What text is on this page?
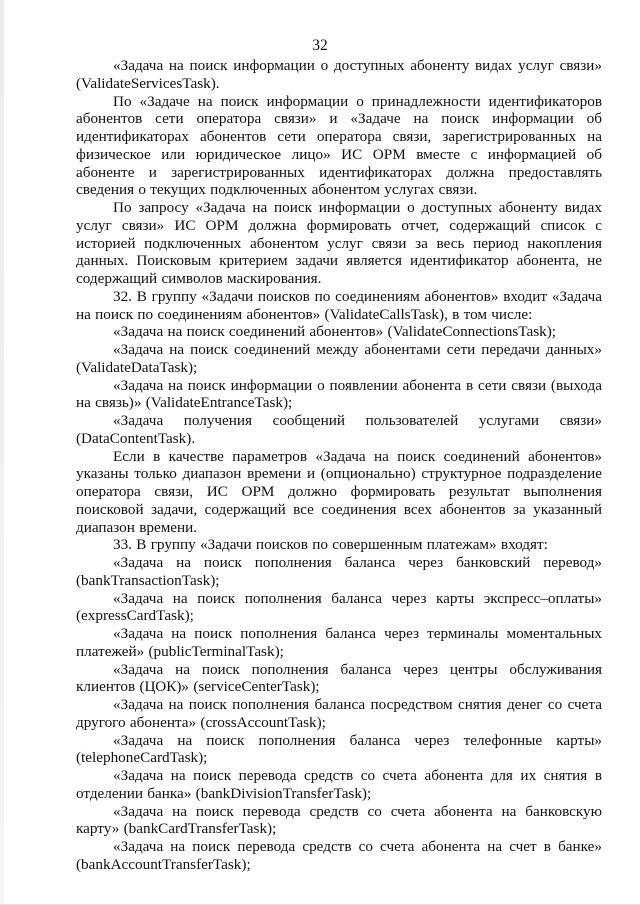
32

«Задача на поиск информации о доступных абоненту видах услуг связи» (ValidateServicesTask).

По «Задаче на поиск информации о принадлежности идентификаторов абонентов сети оператора связи» и «Задаче на поиск информации об идентификаторах абонентов сети оператора связи, зарегистрированных на физическое или юридическое лицо» ИС ОРМ вместе с информацией об абоненте и зарегистрированных идентификаторах должна предоставлять сведения о текущих подключенных абонентом услугах связи.

По запросу «Задача на поиск информации о доступных абоненту видах услуг связи» ИС ОРМ должна формировать отчет, содержащий список с историей подключенных абонентом услуг связи за весь период накопления данных. Поисковым критерием задачи является идентификатор абонента, не содержащий символов маскирования.

32. В группу «Задачи поисков по соединениям абонентов» входит «Задача на поиск по соединениям абонентов» (ValidateCallsTask), в том числе:

«Задача на поиск соединений абонентов» (ValidateConnectionsTask);

«Задача на поиск соединений между абонентами сети передачи данных» (ValidateDataTask);

«Задача на поиск информации о появлении абонента в сети связи (выхода на связь)» (ValidateEntranceTask);

«Задача получения сообщений пользователей услугами связи» (DataContentTask).

Если в качестве параметров «Задача на поиск соединений абонентов» указаны только диапазон времени и (опционально) структурное подразделение оператора связи, ИС ОРМ должно формировать результат выполнения поисковой задачи, содержащий все соединения всех абонентов за указанный диапазон времени.

33. В группу «Задачи поисков по совершенным платежам» входят:

«Задача на поиск пополнения баланса через банковский перевод» (bankTransactionTask);

«Задача на поиск пополнения баланса через карты экспресс–оплаты» (expressCardTask);

«Задача на поиск пополнения баланса через терминалы моментальных платежей» (publicTerminalTask);

«Задача на поиск пополнения баланса через центры обслуживания клиентов (ЦОК)» (serviceCenterTask);

«Задача на поиск пополнения баланса посредством снятия денег со счета другого абонента» (crossAccountTask);

«Задача на поиск пополнения баланса через телефонные карты» (telephoneCardTask);

«Задача на поиск перевода средств со счета абонента для их снятия в отделении банка» (bankDivisionTransferTask);

«Задача на поиск перевода средств со счета абонента на банковскую карту» (bankCardTransferTask);

«Задача на поиск перевода средств со счета абонента на счет в банке» (bankAccountTransferTask);
